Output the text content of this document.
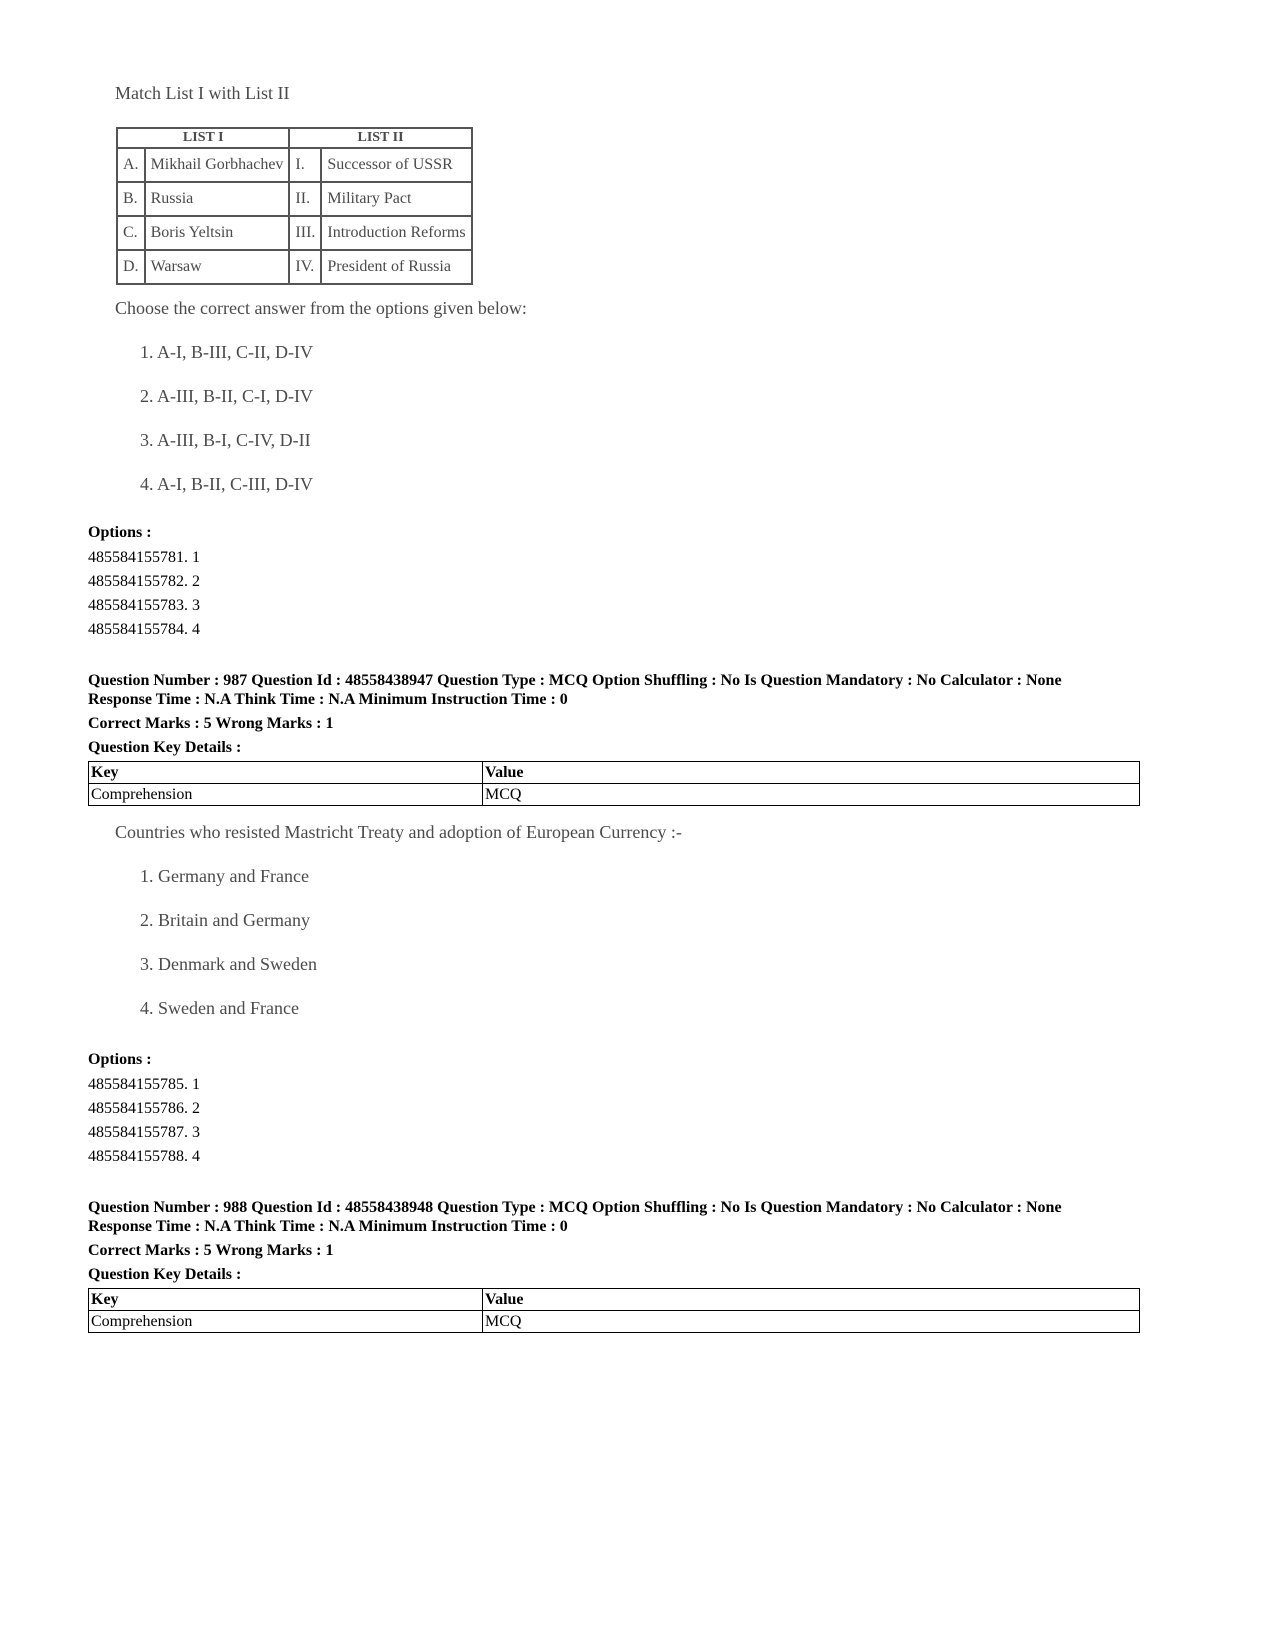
Match List I with List II
LIST I		LIST II	
A.	Mikhail Gorbhachev	I.	Successor of USSR
B.	Russia	II.	Military Pact
C.	Boris Yeltsin	III.	Introduction Reforms
D.	Warsaw	IV.	President of Russia
Choose the correct answer from the options given below:
1. A-I, B-III, C-II, D-IV
2. A-III, B-II, C-I, D-IV
3. A-III, B-I, C-IV, D-II
4. A-I, B-II, C-III, D-IV
Options :
485584155781. 1
485584155782. 2
485584155783. 3
485584155784. 4
Question Number : 987 Question Id : 48558438947 Question Type : MCQ Option Shuffling : No Is Question Mandatory : No Calculator : None
Response Time : N.A Think Time : N.A Minimum Instruction Time : 0
Correct Marks : 5 Wrong Marks : 1
Question Key Details :
Key	Value
Comprehension	MCQ
Countries who resisted Mastricht Treaty and adoption of European Currency :-
1. Germany and France
2. Britain and Germany
3. Denmark and Sweden
4. Sweden and France
Options :
485584155785. 1
485584155786. 2
485584155787. 3
485584155788. 4
Question Number : 988 Question Id : 48558438948 Question Type : MCQ Option Shuffling : No Is Question Mandatory : No Calculator : None
Response Time : N.A Think Time : N.A Minimum Instruction Time : 0
Correct Marks : 5 Wrong Marks : 1
Question Key Details :
Key	Value
Comprehension	MCQ
